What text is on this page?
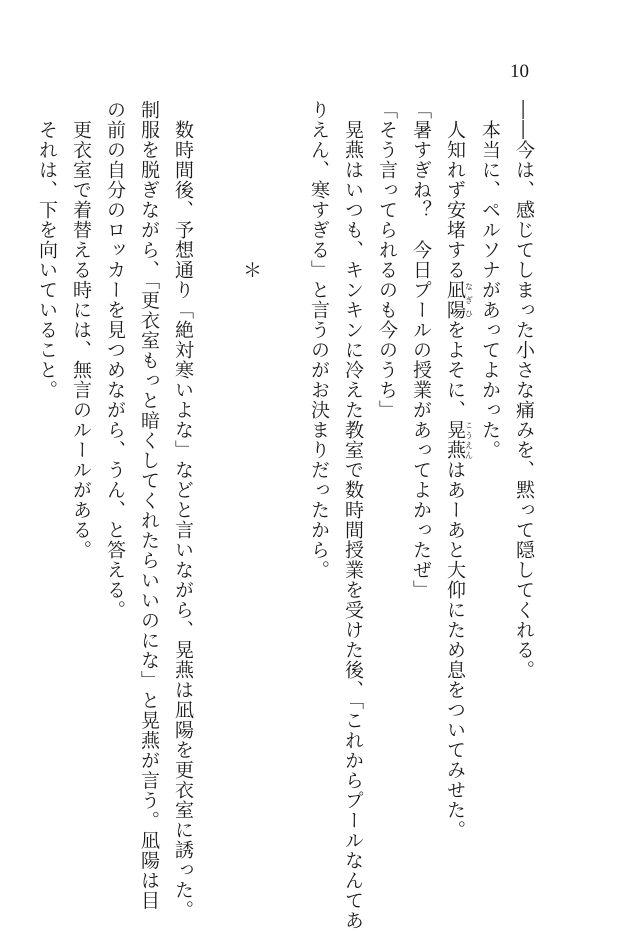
10

――今は、感じてしまった小さな痛みを、黙って隠してくれる。

　本当に、ペルソナがあってよかった。

　人知れず安堵する凪陽なぎひをよそに、晃燕こうえんはあーあと大仰にため息をついてみせた。

「暑すぎね？　今日プールの授業があってよかったぜ」

「そう言ってられるのも今のうち」

　晃燕はいつも、キンキンに冷えた教室で数時間授業を受けた後、「これからプールなんてあ

りえん、寒すぎる」と言うのがお決まりだったから。

＊

　数時間後、予想通り「絶対寒いよな」などと言いながら、晃燕は凪陽を更衣室に誘った。

制服を脱ぎながら、「更衣室もっと暗くしてくれたらいいのにな」と晃燕が言う。凪陽は目

の前の自分のロッカーを見つめながら、うん、と答える。

　更衣室で着替える時には、無言のルールがある。

　それは、下を向いていること。
